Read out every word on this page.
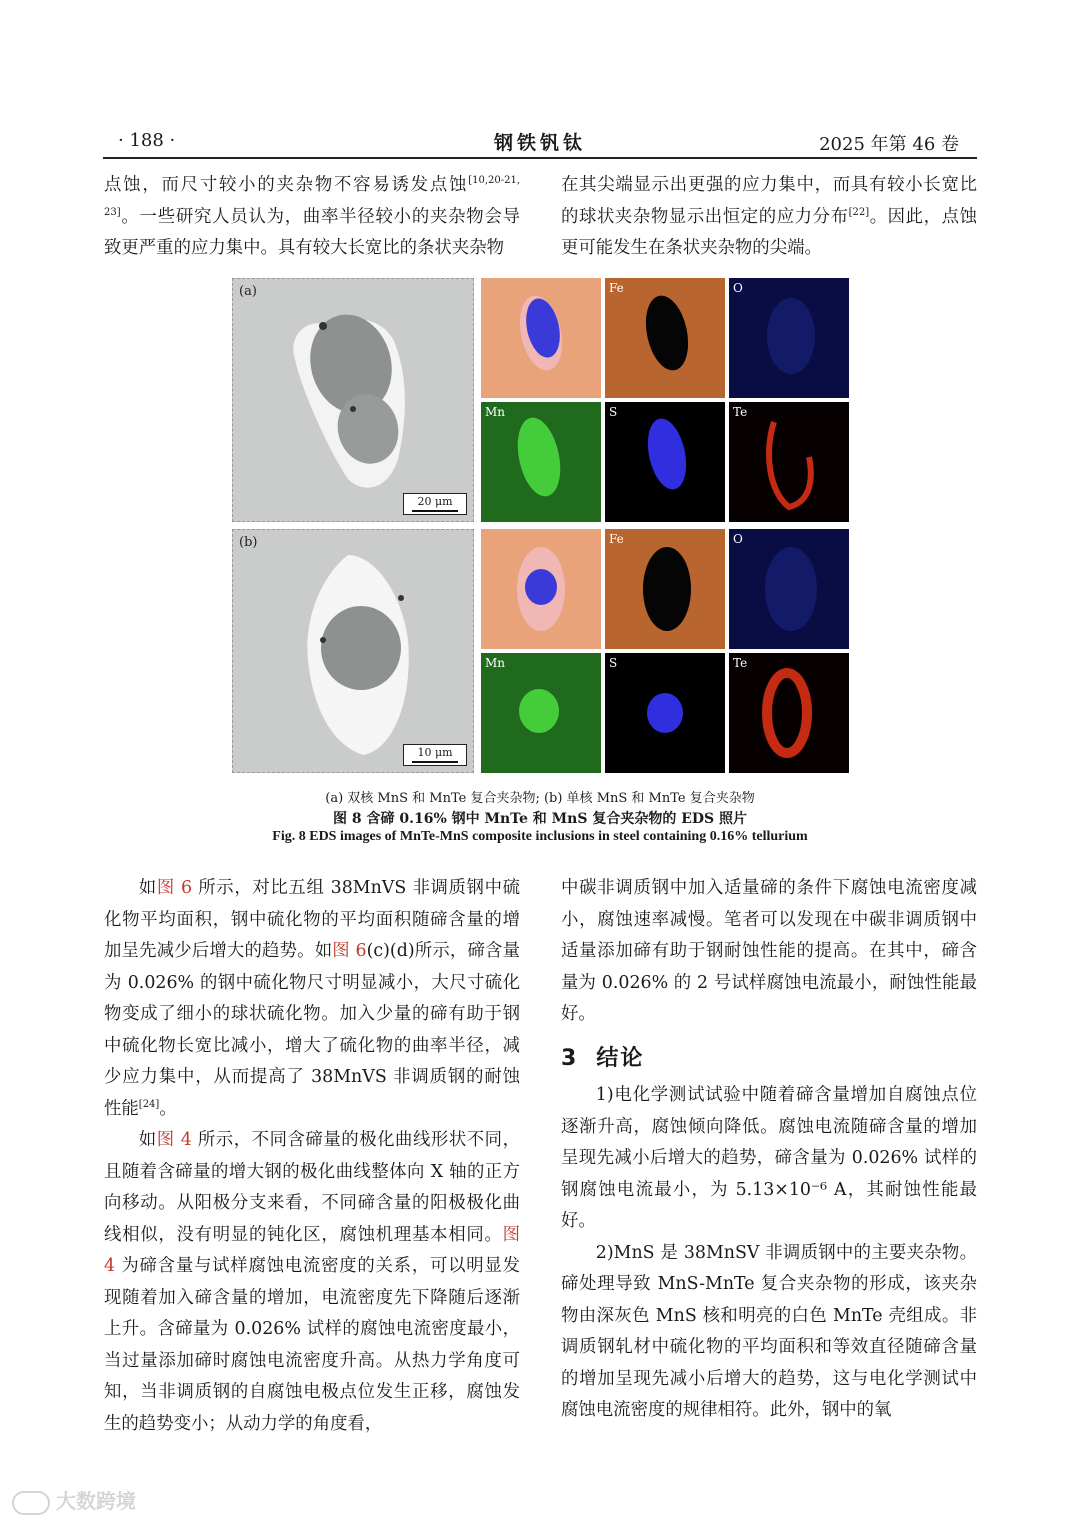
· 188 ·	钢铁钒钛	2025 年第 46 卷

点蚀，而尺寸较小的夹杂物不容易诱发点蚀[10,20-21, 23]。一些研究人员认为，曲率半径较小的夹杂物会导致更严重的应力集中。具有较大长宽比的条状夹杂物

在其尖端显示出更强的应力集中，而具有较小长宽比的球状夹杂物显示出恒定的应力分布[22]。因此，点蚀更可能发生在条状夹杂物的尖端。

(a)
20 μm
(b)
10 μm
Fe	O
Mn	S	Te
Fe	O
Mn	S	Te
(a) 双核 MnS 和 MnTe 复合夹杂物; (b) 单核 MnS 和 MnTe 复合夹杂物
图 8 含碲 0.16% 钢中 MnTe 和 MnS 复合夹杂物的 EDS 照片
Fig. 8 EDS images of MnTe-MnS composite inclusions in steel containing 0.16% tellurium

如图 6 所示，对比五组 38MnVS 非调质钢中硫化物平均面积，钢中硫化物的平均面积随碲含量的增加呈先减少后增大的趋势。如图 6(c)(d)所示，碲含量为 0.026% 的钢中硫化物尺寸明显减小，大尺寸硫化物变成了细小的球状硫化物。加入少量的碲有助于钢中硫化物长宽比减小，增大了硫化物的曲率半径，减少应力集中，从而提高了 38MnVS 非调质钢的耐蚀性能[24]。

如图 4 所示，不同含碲量的极化曲线形状不同，且随着含碲量的增大钢的极化曲线整体向 X 轴的正方向移动。从阳极分支来看，不同碲含量的阳极极化曲线相似，没有明显的钝化区，腐蚀机理基本相同。图 4 为碲含量与试样腐蚀电流密度的关系，可以明显发现随着加入碲含量的增加，电流密度先下降随后逐渐上升。含碲量为 0.026% 试样的腐蚀电流密度最小，当过量添加碲时腐蚀电流密度升高。从热力学角度可知，当非调质钢的自腐蚀电极点位发生正移，腐蚀发生的趋势变小；从动力学的角度看，

中碳非调质钢中加入适量碲的条件下腐蚀电流密度减小，腐蚀速率减慢。笔者可以发现在中碳非调质钢中适量添加碲有助于钢耐蚀性能的提高。在其中，碲含量为 0.026% 的 2 号试样腐蚀电流最小，耐蚀性能最好。

3 结论

1)电化学测试试验中随着碲含量增加自腐蚀点位逐渐升高，腐蚀倾向降低。腐蚀电流随碲含量的增加呈现先减小后增大的趋势，碲含量为 0.026% 试样的钢腐蚀电流最小，为 5.13×10⁻⁶ A，其耐蚀性能最好。

2)MnS 是 38MnSV 非调质钢中的主要夹杂物。碲处理导致 MnS-MnTe 复合夹杂物的形成，该夹杂物由深灰色 MnS 核和明亮的白色 MnTe 壳组成。非调质钢轧材中硫化物的平均面积和等效直径随碲含量的增加呈现先减小后增大的趋势，这与电化学测试中腐蚀电流密度的规律相符。此外，钢中的氧

大数跨境
